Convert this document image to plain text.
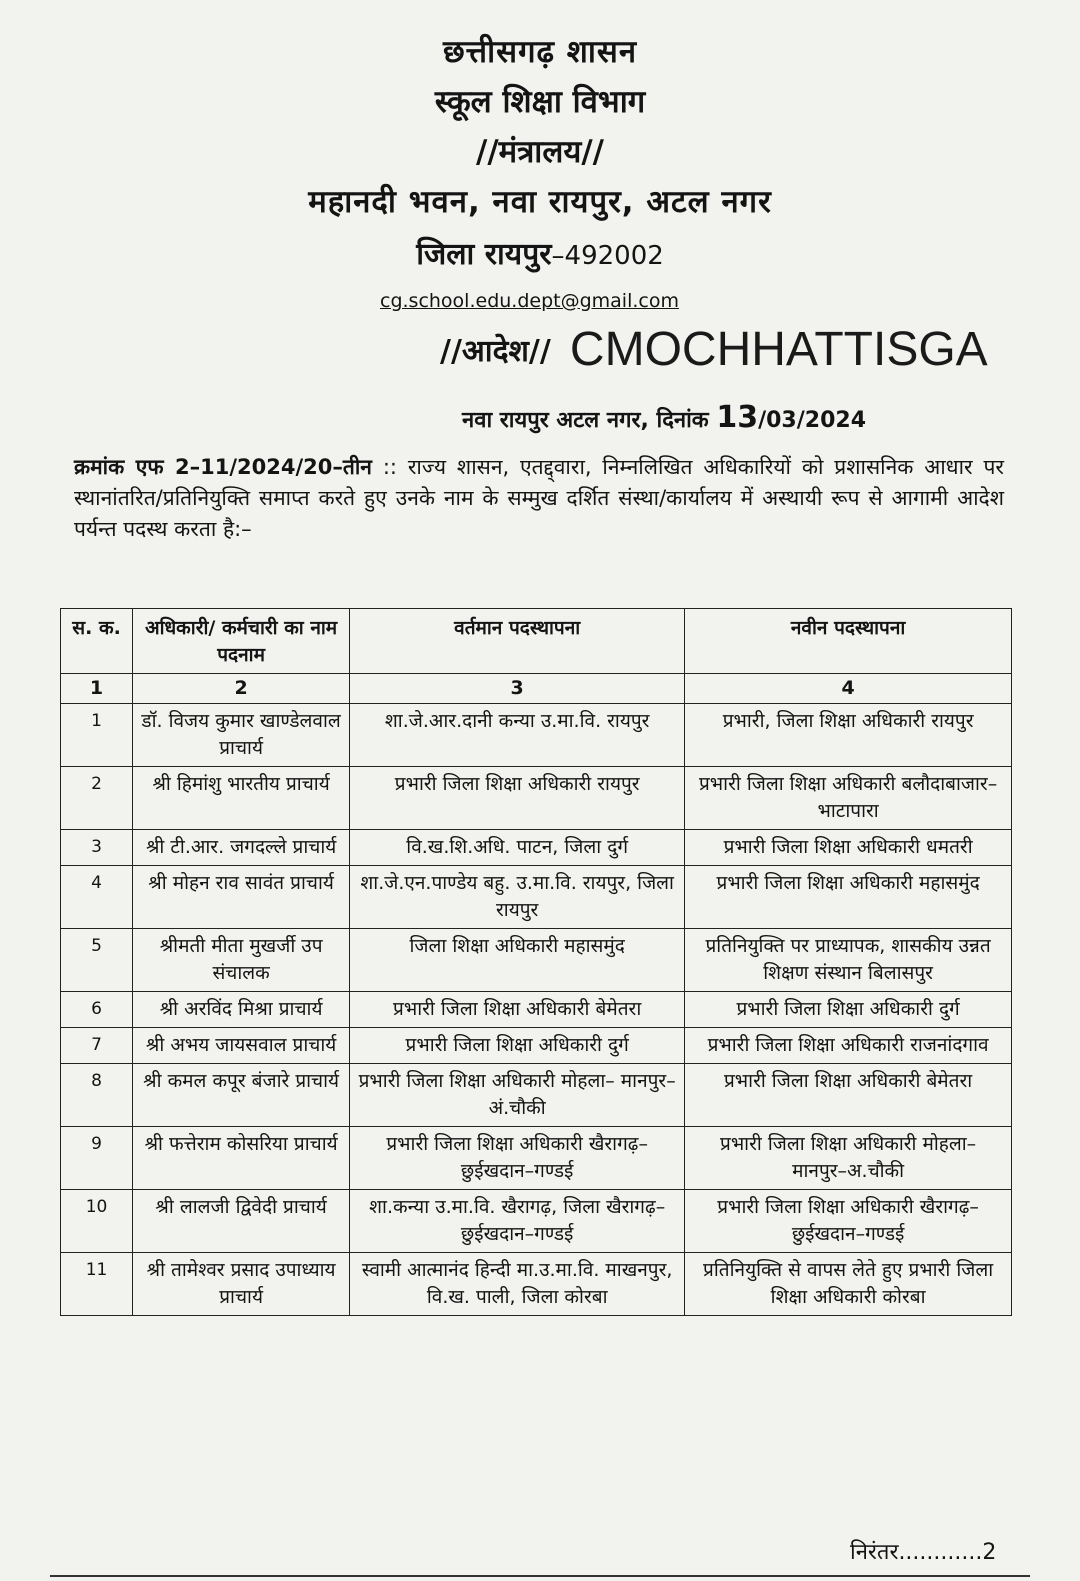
छत्तीसगढ़ शासन
स्कूल शिक्षा विभाग
//मंत्रालय//
महानदी भवन, नवा रायपुर, अटल नगर
जिला रायपुर–492002
cg.school.edu.dept@gmail.com
//आदेश// CMOCHHATTISGA
नवा रायपुर अटल नगर, दिनांक 13/03/2024
क्रमांक एफ 2–11/2024/20–तीन :: राज्य शासन, एतद्द्वारा, निम्नलिखित अधिकारियों को प्रशासनिक आधार पर स्थानांतरित/प्रतिनियुक्ति समाप्त करते हुए उनके नाम के सम्मुख दर्शित संस्था/कार्यालय में अस्थायी रूप से आगामी आदेश पर्यन्त पदस्थ करता है:–
स. क.	अधिकारी/ कर्मचारी का नाम पदनाम	वर्तमान पदस्थापना	नवीन पदस्थापना
1	2	3	4
1	डॉ. विजय कुमार खाण्डेलवाल प्राचार्य	शा.जे.आर.दानी कन्या उ.मा.वि. रायपुर	प्रभारी, जिला शिक्षा अधिकारी रायपुर
2	श्री हिमांशु भारतीय प्राचार्य	प्रभारी जिला शिक्षा अधिकारी रायपुर	प्रभारी जिला शिक्षा अधिकारी बलौदाबाजार–भाटापारा
3	श्री टी.आर. जगदल्ले प्राचार्य	वि.ख.शि.अधि. पाटन, जिला दुर्ग	प्रभारी जिला शिक्षा अधिकारी धमतरी
4	श्री मोहन राव सावंत प्राचार्य	शा.जे.एन.पाण्डेय बहु. उ.मा.वि. रायपुर, जिला रायपुर	प्रभारी जिला शिक्षा अधिकारी महासमुंद
5	श्रीमती मीता मुखर्जी उप संचालक	जिला शिक्षा अधिकारी महासमुंद	प्रतिनियुक्ति पर प्राध्यापक, शासकीय उन्नत शिक्षण संस्थान बिलासपुर
6	श्री अरविंद मिश्रा प्राचार्य	प्रभारी जिला शिक्षा अधिकारी बेमेतरा	प्रभारी जिला शिक्षा अधिकारी दुर्ग
7	श्री अभय जायसवाल प्राचार्य	प्रभारी जिला शिक्षा अधिकारी दुर्ग	प्रभारी जिला शिक्षा अधिकारी राजनांदगाव
8	श्री कमल कपूर बंजारे प्राचार्य	प्रभारी जिला शिक्षा अधिकारी मोहला– मानपुर–अं.चौकी	प्रभारी जिला शिक्षा अधिकारी बेमेतरा
9	श्री फत्तेराम कोसरिया प्राचार्य	प्रभारी जिला शिक्षा अधिकारी खैरागढ़– छुईखदान–गण्डई	प्रभारी जिला शिक्षा अधिकारी मोहला– मानपुर–अ.चौकी
10	श्री लालजी द्विवेदी प्राचार्य	शा.कन्या उ.मा.वि. खैरागढ़, जिला खैरागढ़–छुईखदान–गण्डई	प्रभारी जिला शिक्षा अधिकारी खैरागढ़– छुईखदान–गण्डई
11	श्री तामेश्वर प्रसाद उपाध्याय प्राचार्य	स्वामी आत्मानंद हिन्दी मा.उ.मा.वि. माखनपुर, वि.ख. पाली, जिला कोरबा	प्रतिनियुक्ति से वापस लेते हुए प्रभारी जिला शिक्षा अधिकारी कोरबा
निरंतर............2
